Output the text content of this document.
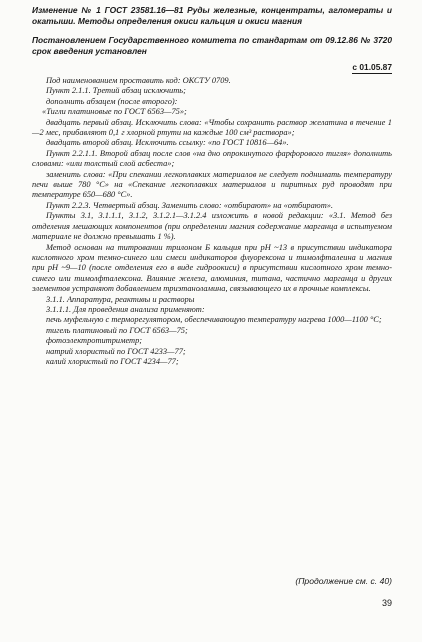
Изменение № 1 ГОСТ 23581.16—81 Руды железные, концентраты, агломераты и окатыши. Методы определения окиси кальция и окиси магния

Постановлением Государственного комитета по стандартам от 09.12.86 № 3720 срок введения установлен

с 01.05.87

Под наименованием проставить код: ОКСТУ 0709.

Пункт 2.1.1. Третий абзац исключить;

дополнить абзацем (после второго):

«Тигли платиновые по ГОСТ 6563—75»;

двадцать первый абзац. Исключить слова: «Чтобы сохранить раствор желатина в течение 1—2 мес, прибавляют 0,1 г хлорной ртути на каждые 100 см³ раствора»;

двадцать второй абзац. Исключить ссылку: «по ГОСТ 10816—64».

Пункт 2.2.1.1. Второй абзац после слов «на дно опрокинутого фарфорового тигля» дополнить словами: «или толстый слой асбеста»;

заменить слова: «При спекании легкоплавких материалов не следует поднимать температуру печи выше 780 °С» на «Спекание легкоплавких материалов и пиритных руд проводят при температуре 650—680 °С».

Пункт 2.2.3. Четвертый абзац. Заменить слово: «отбирают» на «отбирают».

Пункты 3.1, 3.1.1.1, 3.1.2, 3.1.2.1—3.1.2.4 изложить в новой редакции: «3.1. Метод без отделения мешающих компонентов (при определении магния содержание марганца в испытуемом материале не должно превышать 1 %).

Метод основан на титровании трилоном Б кальция при рН ~13 в присутствии индикатора кислотного хром темно-синего или смеси индикаторов флуорексона и тимолфталеина и магния при рН ~9—10 (после отделения его в виде гидроокиси) в присутствии кислотного хром темно-синего или тимолфталексона. Влияние железа, алюминия, титана, частично марганца и других элементов устраняют добавлением триэтаноламина, связывающего их в прочные комплексы.

3.1.1. Аппаратура, реактивы и растворы

3.1.1.1. Для проведения анализа применяют:

печь муфельную с терморегулятором, обеспечивающую температуру нагрева 1000—1100 °С;

тигель платиновый по ГОСТ 6563—75;

фотоэлектротитриметр;

натрий хлористый по ГОСТ 4233—77;

калий хлористый по ГОСТ 4234—77;

(Продолжение см. с. 40)
39
